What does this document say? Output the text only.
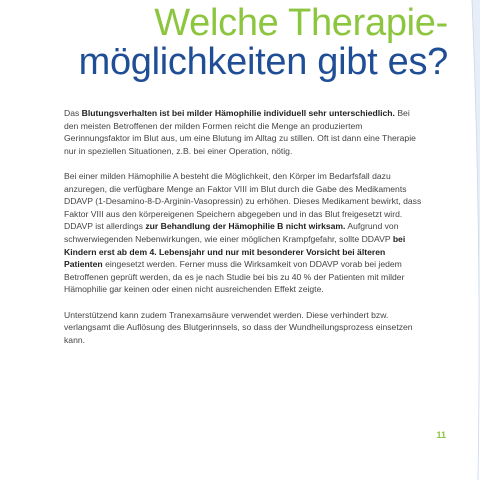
Welche Therapie-
möglichkeiten gibt es?

Das Blutungsverhalten ist bei milder Hämophilie individuell sehr unterschiedlich. Bei den meisten Betroffenen der milden Formen reicht die Menge an produziertem Gerinnungsfaktor im Blut aus, um eine Blutung im Alltag zu stillen. Oft ist dann eine Therapie nur in speziellen Situationen, z.B. bei einer Operation, nötig.

Bei einer milden Hämophilie A besteht die Möglichkeit, den Körper im Bedarfsfall dazu anzuregen, die verfügbare Menge an Faktor VIII im Blut durch die Gabe des Medikaments DDAVP (1-Desamino-8-D-Arginin-Vasopressin) zu erhöhen. Dieses Medikament bewirkt, dass Faktor VIII aus den körpereigenen Speichern abgegeben und in das Blut freigesetzt wird. DDAVP ist allerdings zur Behandlung der Hämophilie B nicht wirksam. Aufgrund von schwerwiegenden Nebenwirkungen, wie einer möglichen Krampfgefahr, sollte DDAVP bei Kindern erst ab dem 4. Lebensjahr und nur mit besonderer Vorsicht bei älteren Patienten eingesetzt werden. Ferner muss die Wirksamkeit von DDAVP vorab bei jedem Betroffenen geprüft werden, da es je nach Studie bei bis zu 40 % der Patienten mit milder Hämophilie gar keinen oder einen nicht ausreichenden Effekt zeigte.

Unterstützend kann zudem Tranexamsäure verwendet werden. Diese verhindert bzw. verlangsamt die Auflösung des Blutgerinnsels, so dass der Wundheilungsprozess einsetzen kann.

11
